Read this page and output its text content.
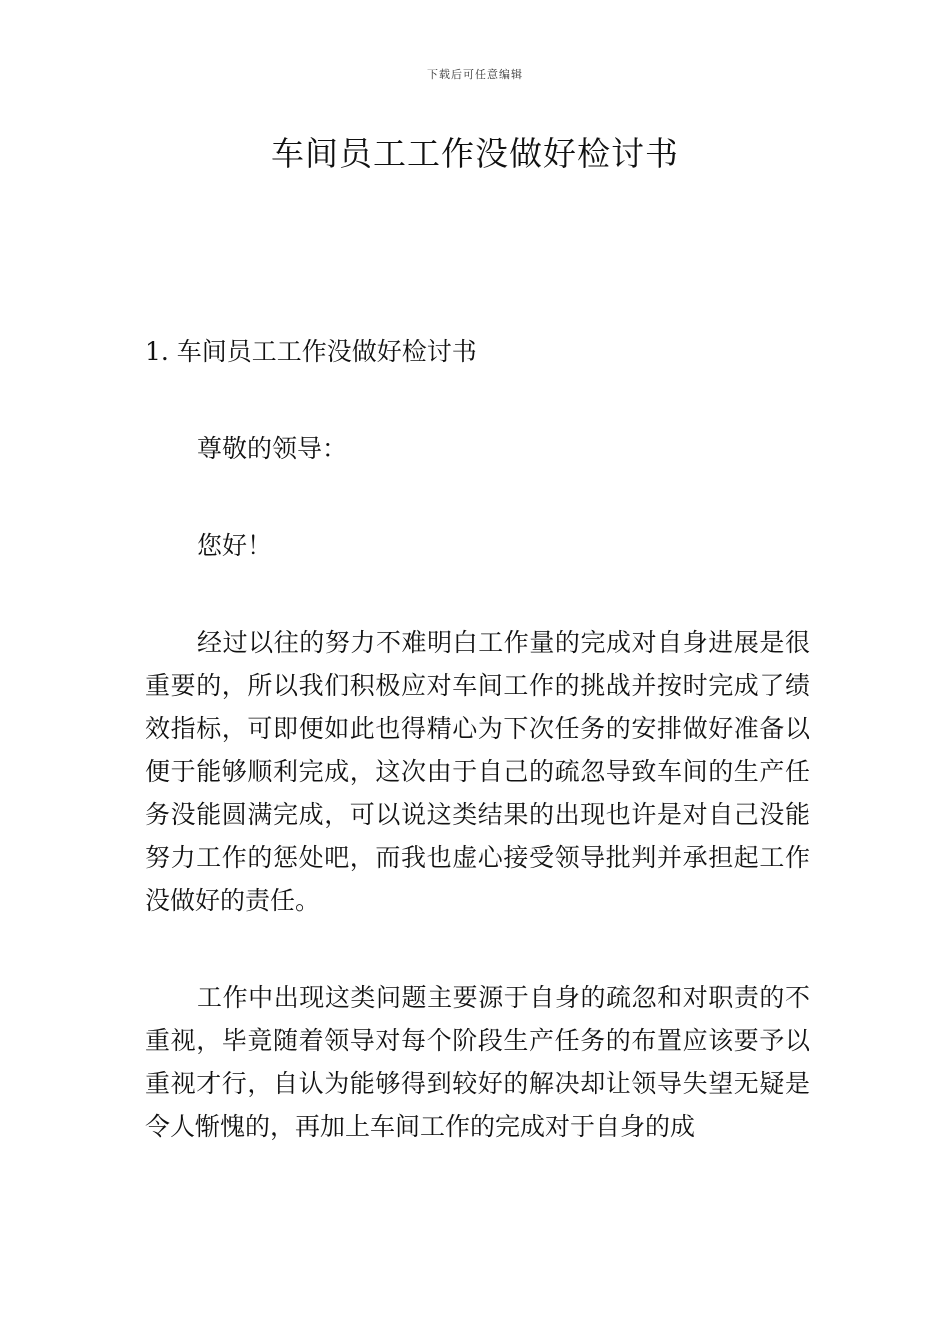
下载后可任意编辑
车间员工工作没做好检讨书

1. 车间员工工作没做好检讨书

尊敬的领导：

您好！

经过以往的努力不难明白工作量的完成对自身进展是很重要的，所以我们积极应对车间工作的挑战并按时完成了绩效指标，可即便如此也得精心为下次任务的安排做好准备以便于能够顺利完成，这次由于自己的疏忽导致车间的生产任务没能圆满完成，可以说这类结果的出现也许是对自己没能努力工作的惩处吧，而我也虚心接受领导批判并承担起工作没做好的责任。

工作中出现这类问题主要源于自身的疏忽和对职责的不重视，毕竟随着领导对每个阶段生产任务的布置应该要予以重视才行，自认为能够得到较好的解决却让领导失望无疑是令人惭愧的，再加上车间工作的完成对于自身的成
